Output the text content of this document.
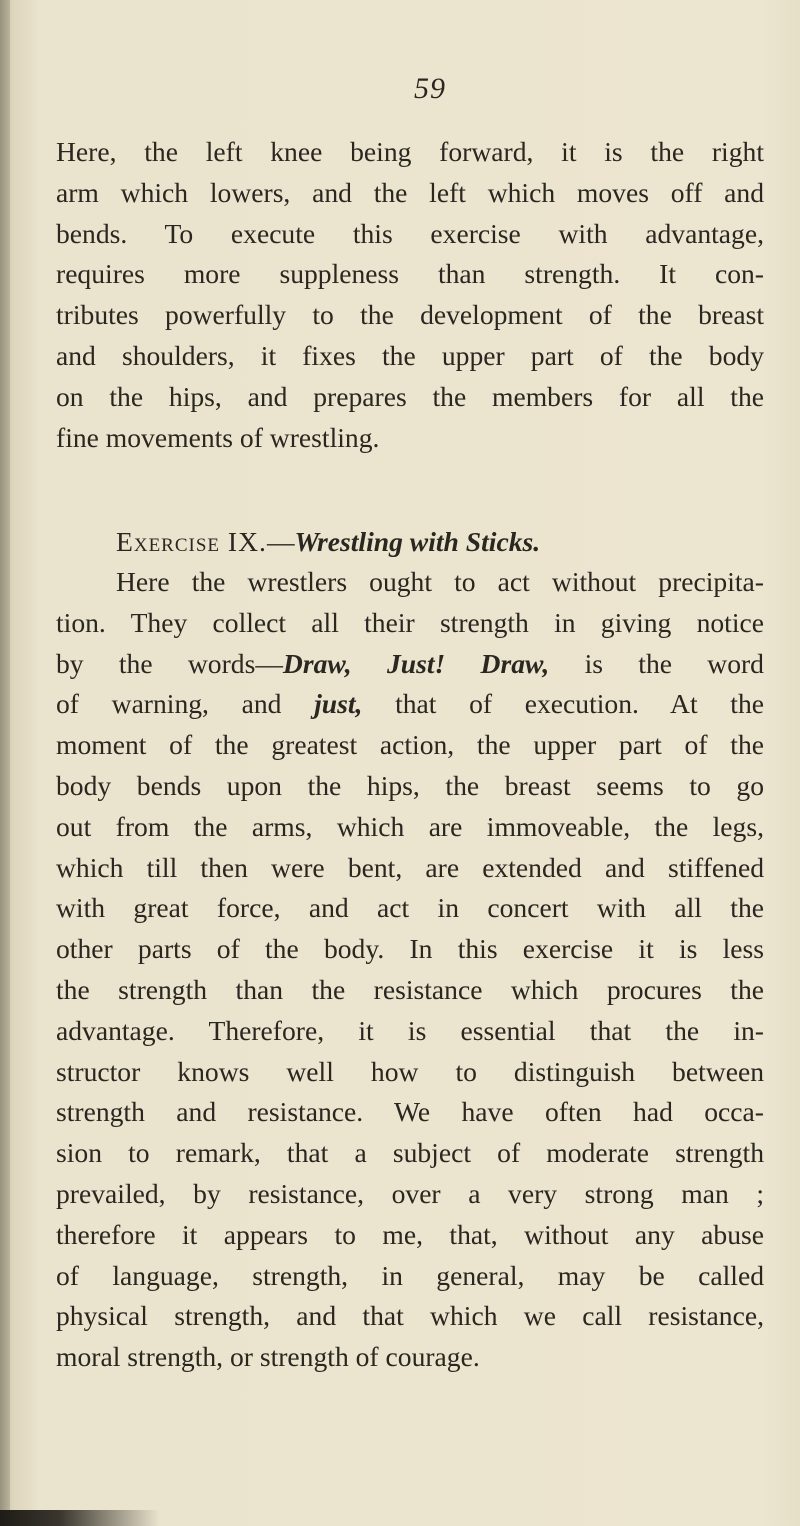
59
Here, the left knee being forward, it is the right
arm which lowers, and the left which moves off and
bends. To execute this exercise with advantage,
requires more suppleness than strength. It con-
tributes powerfully to the development of the breast
and shoulders, it fixes the upper part of the body
on the hips, and prepares the members for all the
fine movements of wrestling.
Exercise IX.—Wrestling with Sticks.
Here the wrestlers ought to act without precipita-
tion. They collect all their strength in giving notice
by the words—Draw, Just! Draw, is the word
of warning, and just, that of execution. At the
moment of the greatest action, the upper part of the
body bends upon the hips, the breast seems to go
out from the arms, which are immoveable, the legs,
which till then were bent, are extended and stiffened
with great force, and act in concert with all the
other parts of the body. In this exercise it is less
the strength than the resistance which procures the
advantage. Therefore, it is essential that the in-
structor knows well how to distinguish between
strength and resistance. We have often had occa-
sion to remark, that a subject of moderate strength
prevailed, by resistance, over a very strong man ;
therefore it appears to me, that, without any abuse
of language, strength, in general, may be called
physical strength, and that which we call resistance,
moral strength, or strength of courage.
